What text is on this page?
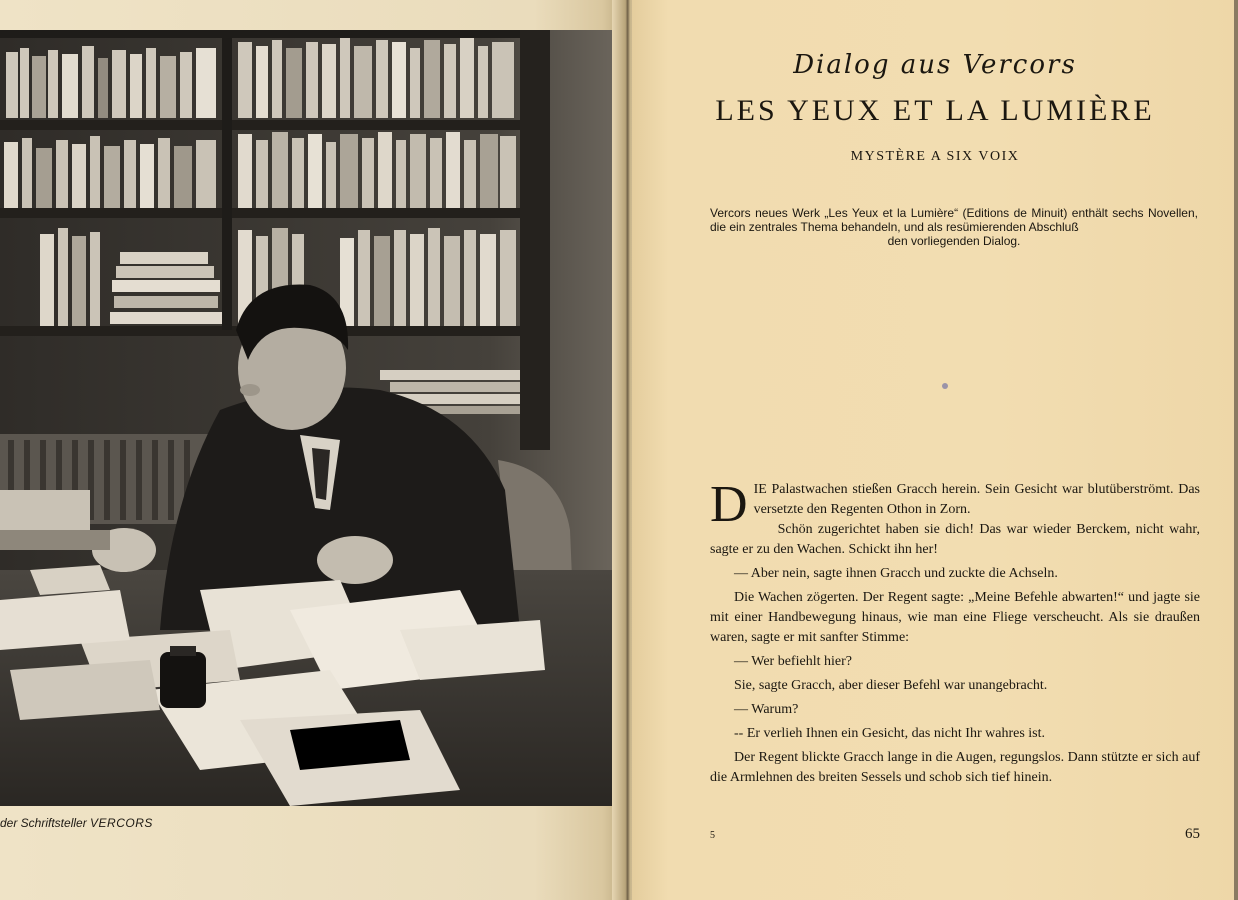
der Schriftsteller VERCORS
Dialog aus Vercors
LES YEUX ET LA LUMIÈRE
MYSTÈRE A SIX VOIX
Vercors neues Werk „Les Yeux et la Lumière“ (Editions de Minuit) enthält sechs Novellen, die ein zentrales Thema behandeln, und als resümierenden Abschluß
den vorliegenden Dialog.

DIE Palastwachen stießen Gracch herein. Sein Gesicht war blutüberströmt. Das versetzte den Regenten Othon in Zorn.

Schön zugerichtet haben sie dich! Das war wieder Berckem, nicht wahr, sagte er zu den Wachen. Schickt ihn her!

— Aber nein, sagte ihnen Gracch und zuckte die Achseln.

Die Wachen zögerten. Der Regent sagte: „Meine Befehle abwarten!“ und jagte sie mit einer Handbewegung hinaus, wie man eine Fliege verscheucht. Als sie draußen waren, sagte er mit sanfter Stimme:

— Wer befiehlt hier?

Sie, sagte Gracch, aber dieser Befehl war unangebracht.

— Warum?

-- Er verlieh Ihnen ein Gesicht, das nicht Ihr wahres ist.

Der Regent blickte Gracch lange in die Augen, regungslos. Dann stützte er sich auf die Armlehnen des breiten Sessels und schob sich tief hinein.

5	65
